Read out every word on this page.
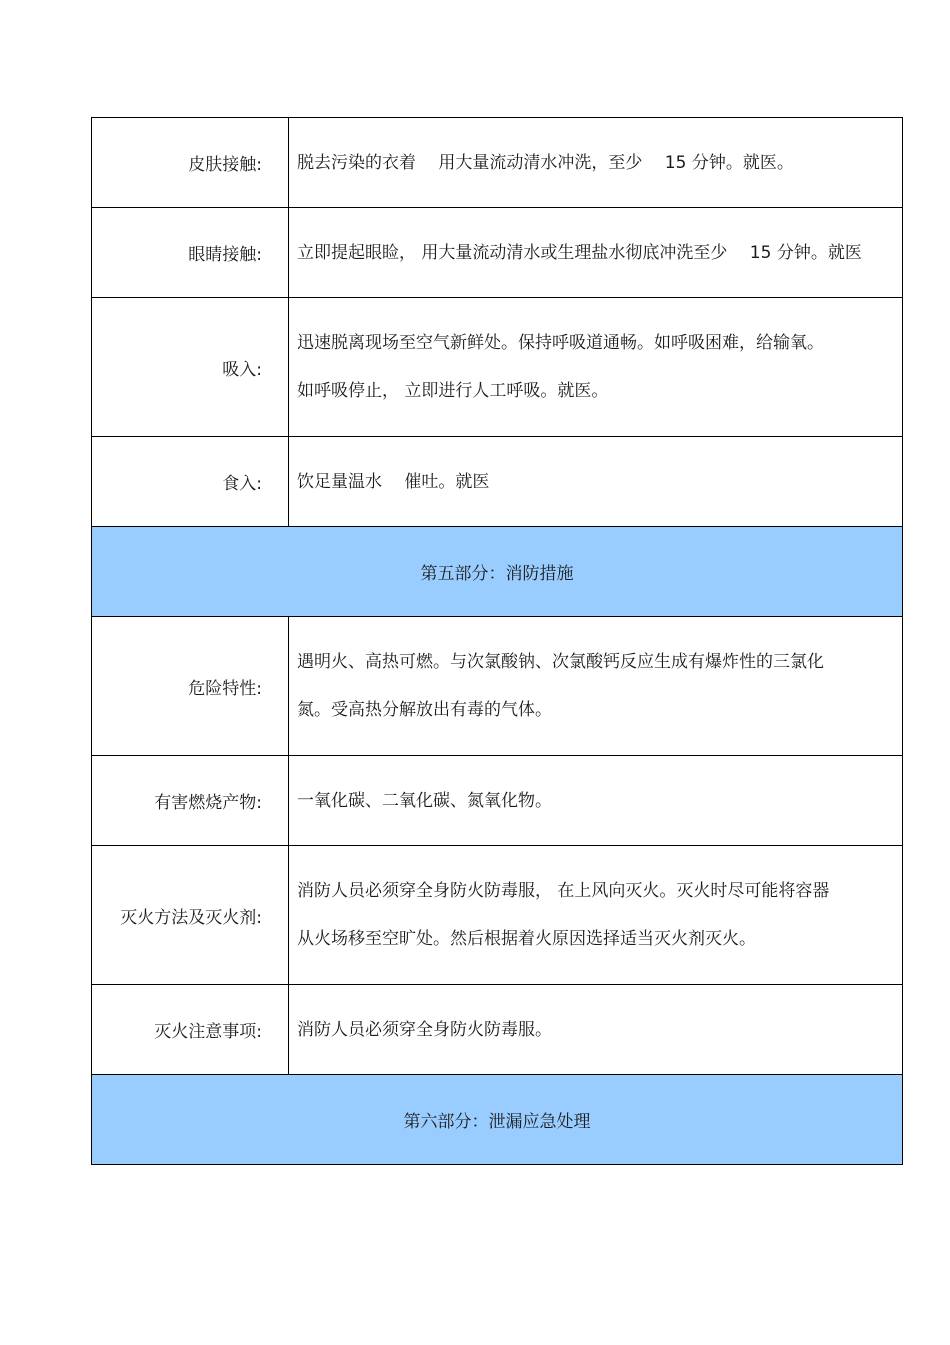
皮肤接触:	脱去污染的衣着　 用大量流动清水冲洗，至少　 15 分钟。就医。

眼睛接触:	立即提起眼睑， 用大量流动清水或生理盐水彻底冲洗至少　 15 分钟。就医

吸入:	迅速脱离现场至空气新鲜处。保持呼吸道通畅。如呼吸困难，给输氧。
如呼吸停止， 立即进行人工呼吸。就医。

食入:	饮足量温水　 催吐。就医

第五部分：消防措施	
危险特性:	遇明火、高热可燃。与次氯酸钠、次氯酸钙反应生成有爆炸性的三氯化
氮。受高热分解放出有毒的气体。

有害燃烧产物:	一氧化碳、二氧化碳、氮氧化物。

灭火方法及灭火剂:	消防人员必须穿全身防火防毒服， 在上风向灭火。灭火时尽可能将容器
从火场移至空旷处。然后根据着火原因选择适当灭火剂灭火。

灭火注意事项:	消防人员必须穿全身防火防毒服。

第六部分：泄漏应急处理	
